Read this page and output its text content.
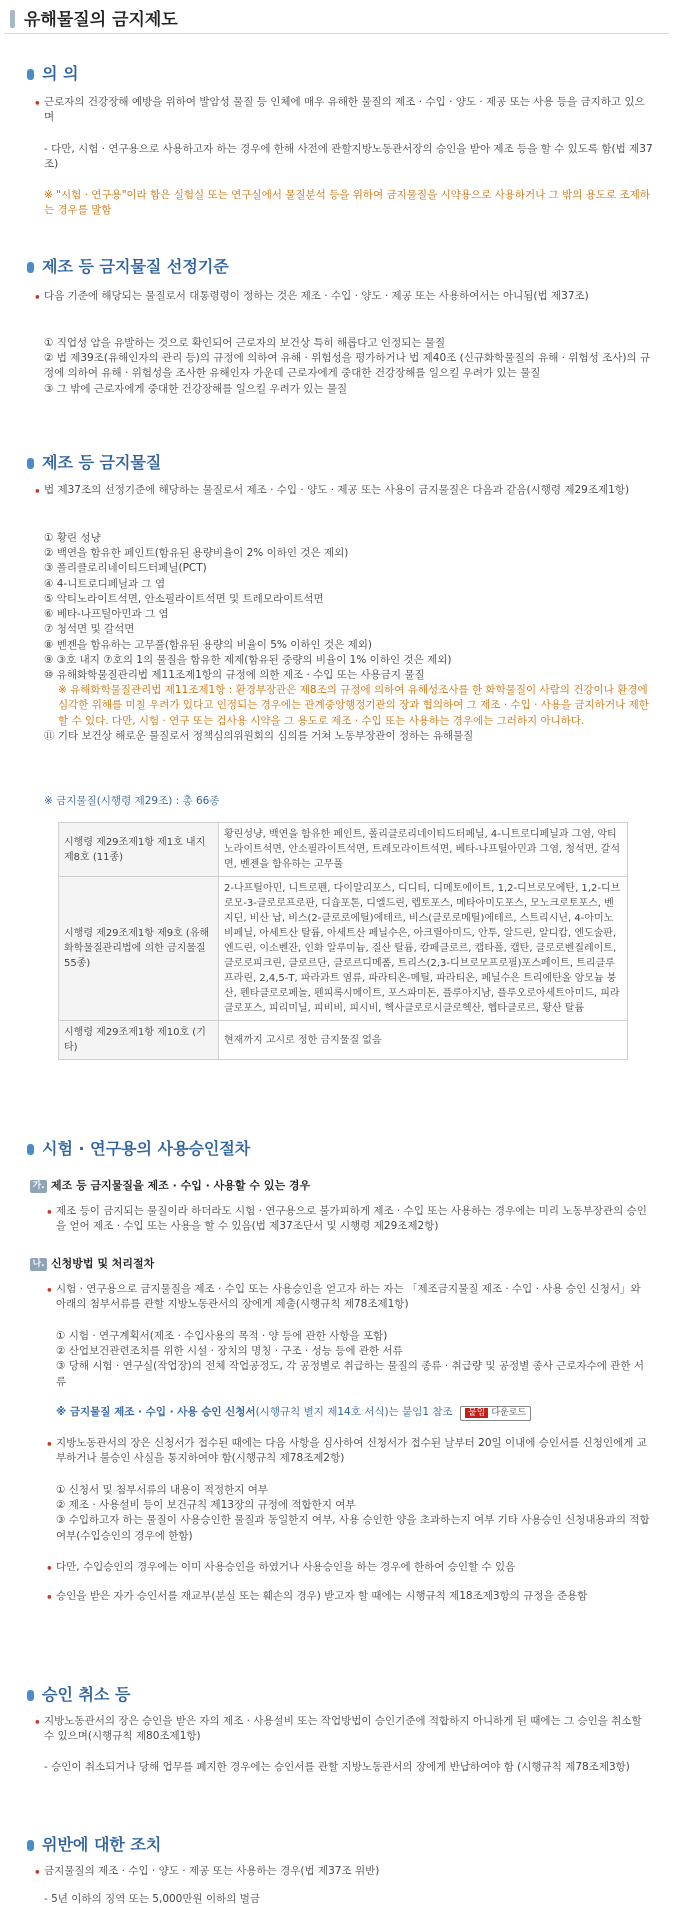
유해물질의 금지제도
의 의
• 근로자의 건강장해 예방을 위하여 발암성 물질 등 인체에 매우 유해한 물질의 제조 · 수입 · 양도 · 제공 또는 사용 등을 금지하고 있으며
- 다만, 시험 · 연구용으로 사용하고자 하는 경우에 한해 사전에 관할지방노동관서장의 승인을 받아 제조 등을 할 수 있도록 함(법 제37조)
※ "시험 · 연구용"이라 함은 실험실 또는 연구실에서 물질분석 등을 위하여 금지물질을 시약용으로 사용하거나 그 밖의 용도로 조제하는 경우를 말함
제조 등 금지물질 선정기준
• 다음 기준에 해당되는 물질로서 대통령령이 정하는 것은 제조 · 수입 · 양도 · 제공 또는 사용하여서는 아니됨(법 제37조)

① 직업성 암을 유발하는 것으로 확인되어 근로자의 보건상 특히 해롭다고 인정되는 물질

② 법 제39조(유해인자의 관리 등)의 규정에 의하여 유해 · 위험성을 평가하거나 법 제40조 (신규화학물질의 유해 · 위험성 조사)의 규정에 의하여 유해 · 위험성을 조사한 유해인자 가운데 근로자에게 중대한 건강장해를 일으킬 우려가 있는 물질

③ 그 밖에 근로자에게 중대한 건강장해를 일으킬 우려가 있는 물질

제조 등 금지물질
• 법 제37조의 선정기준에 해당하는 물질로서 제조 · 수입 · 양도 · 제공 또는 사용이 금지물질은 다음과 같음(시행령 제29조제1항)

① 황린 성냥

② 백연을 함유한 페인트(함유된 용량비율이 2% 이하인 것은 제외)

③ 폴리클로리네이티드터페닐(PCT)

④ 4-니트로디페닐과 그 염

⑤ 악티노라이트석면, 안소필라이트석면 및 트레모라이트석면

⑥ 베타-나프틸아민과 그 염

⑦ 청석면 및 갈석면

⑧ 벤젠을 함유하는 고무풀(함유된 용량의 비율이 5% 이하인 것은 제외)

⑨ ③호 내지 ⑦호의 1의 물질을 함유한 제제(함유된 중량의 비율이 1% 이하인 것은 제외)

⑩ 유해화학물질관리법 제11조제1항의 규정에 의한 제조 · 수입 또는 사용금지 물질

※ 유해화학물질관리법 제11조제1항 : 환경부장관은 제8조의 규정에 의하여 유해성조사를 한 화학물질이 사람의 건강이나 환경에 심각한 위해를 미칠 우려가 있다고 인정되는 경우에는 관계중앙행정기관의 장과 협의하여 그 제조 · 수입 · 사용을 금지하거나 제한할 수 있다. 다만, 시험 · 연구 또는 검사용 시약을 그 용도로 제조 · 수입 또는 사용하는 경우에는 그러하지 아니하다.

⑪ 기타 보건상 해로운 물질로서 정책심의위원회의 심의를 거쳐 노동부장관이 정하는 유해물질

※ 금지물질(시행령 제29조) : 총 66종
시행령 제29조제1항 제1호 내지 제8호 (11종)	황린성냥, 백연을 함유한 페인트, 폴리클로리네이티드터페닐, 4-니트로디페닐과 그염, 악티노라이트석면, 안소필라이트석면, 트레모라이트석면, 베타-나프틸아민과 그염, 청석면, 갈석면, 벤젠을 함유하는 고무풀
시행령 제29조제1항 제9호 (유해화학물질관리법에 의한 금지물질 55종)	2-나프틸아민, 니트로펜, 다이알리포스, 디디티, 디메토에이트, 1,2-디브로모에탄, 1,2-디브로모-3-클로로프로판, 디숍포톤, 디엘드린, 렙토포스, 메타아미도포스, 모노크로토포스, 벤지딘, 비산 납, 비스(2-클로로에틸)에테르, 비스(클로로메틸)에테르, 스트리시닌, 4-아미노비페닐, 아세트산 탈륨, 아세트산 페닐수은, 아크릴아미드, 안투, 알드린, 알디캅, 엔도술판, 엔드린, 이소벤잔, 인화 알루미늄, 질산 탈륨, 캄페클로르, 캡타폴, 캡탄, 클로로벤질레이트, 클로로피크린, 클로르단, 클로르디메폼, 트리스(2,3-디브로모프로필)포스페이트, 트리클루프라린, 2,4,5-T, 파라과트 염류, 파라티온-메틸, 파라티온, 페닐수은 트리에탄올 암모늄 붕산, 펜타클로로페놀, 펜피록시메이트, 포스파미돈, 플루아지남, 플루오로아세트아미드, 피라클로포스, 피리미닐, 피비비, 피시비, 헥사클로로시클로헥산, 헵타클로르, 황산 탈륨
시행령 제29조제1항 제10호 (기타)	현재까지 고시로 정한 금지물질 없음
시험 · 연구용의 사용승인절차
가. 제조 등 금지물질을 제조 · 수입 · 사용할 수 있는 경우
• 제조 등이 금지되는 물질이라 하더라도 시험 · 연구용으로 불가피하게 제조 · 수입 또는 사용하는 경우에는 미리 노동부장관의 승인을 얻어 제조 · 수입 또는 사용을 할 수 있음(법 제37조단서 및 시행령 제29조제2항)
나. 신청방법 및 처리절차
• 시험 · 연구용으로 금지물질을 제조 · 수입 또는 사용승인을 얻고자 하는 자는 「제조금지물질 제조 · 수입 · 사용 승인 신청서」와 아래의 첨부서류를 관할 지방노동관서의 장에게 제출(시행규칙 제78조제1항)

① 시험 · 연구계획서(제조 · 수입사용의 목적 · 양 등에 관한 사항을 포함)

② 산업보건관련조치를 위한 시설 · 장치의 명칭 · 구조 · 성능 등에 관한 서류

③ 당해 시험 · 연구실(작업장)의 전체 작업공정도, 각 공정별로 취급하는 물질의 종류 · 취급량 및 공정별 종사 근로자수에 관한 서류

※ 금지물질 제조 · 수입 · 사용 승인 신청서(시행규칙 별지 제14호 서식)는 붙임1 참조 붙임 다운로드
• 지방노동관서의 장은 신청서가 접수된 때에는 다음 사항을 심사하여 신청서가 접수된 날부터 20일 이내에 승인서를 신청인에게 교부하거나 불승인 사실을 통지하여야 함(시행규칙 제78조제2항)

① 신청서 및 첨부서류의 내용이 적정한지 여부

② 제조 · 사용설비 등이 보건규칙 제13장의 규정에 적합한지 여부

③ 수입하고자 하는 물질이 사용승인한 물질과 동일한지 여부, 사용 승인한 양을 초과하는지 여부 기타 사용승인 신청내용과의 적합여부(수입승인의 경우에 한함)

• 다만, 수입승인의 경우에는 이미 사용승인을 하였거나 사용승인을 하는 경우에 한하여 승인할 수 있음
• 승인을 받은 자가 승인서를 재교부(분실 또는 훼손의 경우) 받고자 할 때에는 시행규칙 제18조제3항의 규정을 준용함
승인 취소 등
• 지방노동관서의 장은 승인을 받은 자의 제조 · 사용설비 또는 작업방법이 승인기준에 적합하지 아니하게 된 때에는 그 승인을 취소할 수 있으며(시행규칙 제80조제1항)
- 승인이 취소되거나 당해 업무를 폐지한 경우에는 승인서를 관할 지방노동관서의 장에게 반납하여야 함 (시행규칙 제78조제3항)
위반에 대한 조치
• 금지물질의 제조 · 수입 · 양도 · 제공 또는 사용하는 경우(법 제37조 위반)
- 5년 이하의 징역 또는 5,000만원 이하의 벌금
